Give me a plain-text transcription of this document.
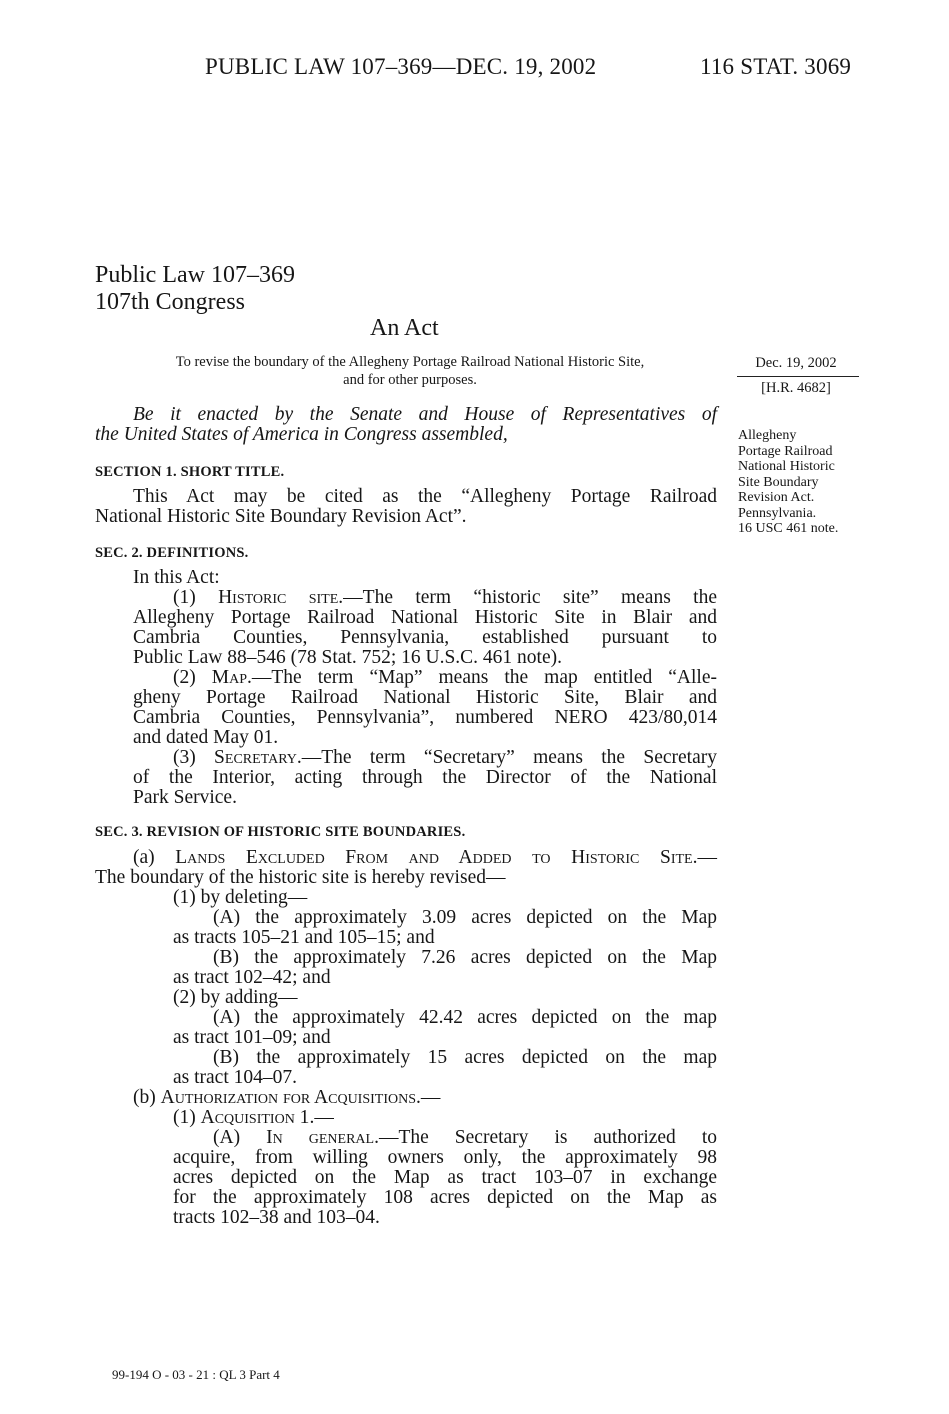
PUBLIC LAW 107–369—DEC. 19, 2002	116 STAT. 3069
Public Law 107–369
107th Congress
An Act
To revise the boundary of the Allegheny Portage Railroad National Historic Site,
and for other purposes.
Dec. 19, 2002
[H.R. 4682]
Allegheny
Portage Railroad
National Historic
Site Boundary
Revision Act.
Pennsylvania.
16 USC 461 note.
Be it enacted by the Senate and House of Representatives of
the United States of America in Congress assembled,
SECTION 1. SHORT TITLE.
This Act may be cited as the “Allegheny Portage Railroad
National Historic Site Boundary Revision Act”.
SEC. 2. DEFINITIONS.
In this Act:
(1) Historic site.—The term “historic site” means the
Allegheny Portage Railroad National Historic Site in Blair and
Cambria Counties, Pennsylvania, established pursuant to
Public Law 88–546 (78 Stat. 752; 16 U.S.C. 461 note).
(2) Map.—The term “Map” means the map entitled “Alle-
gheny Portage Railroad National Historic Site, Blair and
Cambria Counties, Pennsylvania”, numbered NERO 423/80,014
and dated May 01.
(3) Secretary.—The term “Secretary” means the Secretary
of the Interior, acting through the Director of the National
Park Service.
SEC. 3. REVISION OF HISTORIC SITE BOUNDARIES.
(a) Lands Excluded From and Added to Historic Site.—
The boundary of the historic site is hereby revised—
(1) by deleting—
(A) the approximately 3.09 acres depicted on the Map
as tracts 105–21 and 105–15; and
(B) the approximately 7.26 acres depicted on the Map
as tract 102–42; and
(2) by adding—
(A) the approximately 42.42 acres depicted on the map
as tract 101–09; and
(B) the approximately 15 acres depicted on the map
as tract 104–07.
(b) Authorization for Acquisitions.—
(1) Acquisition 1.—
(A) In general.—The Secretary is authorized to
acquire, from willing owners only, the approximately 98
acres depicted on the Map as tract 103–07 in exchange
for the approximately 108 acres depicted on the Map as
tracts 102–38 and 103–04.
99-194 O - 03 - 21 : QL 3 Part 4
